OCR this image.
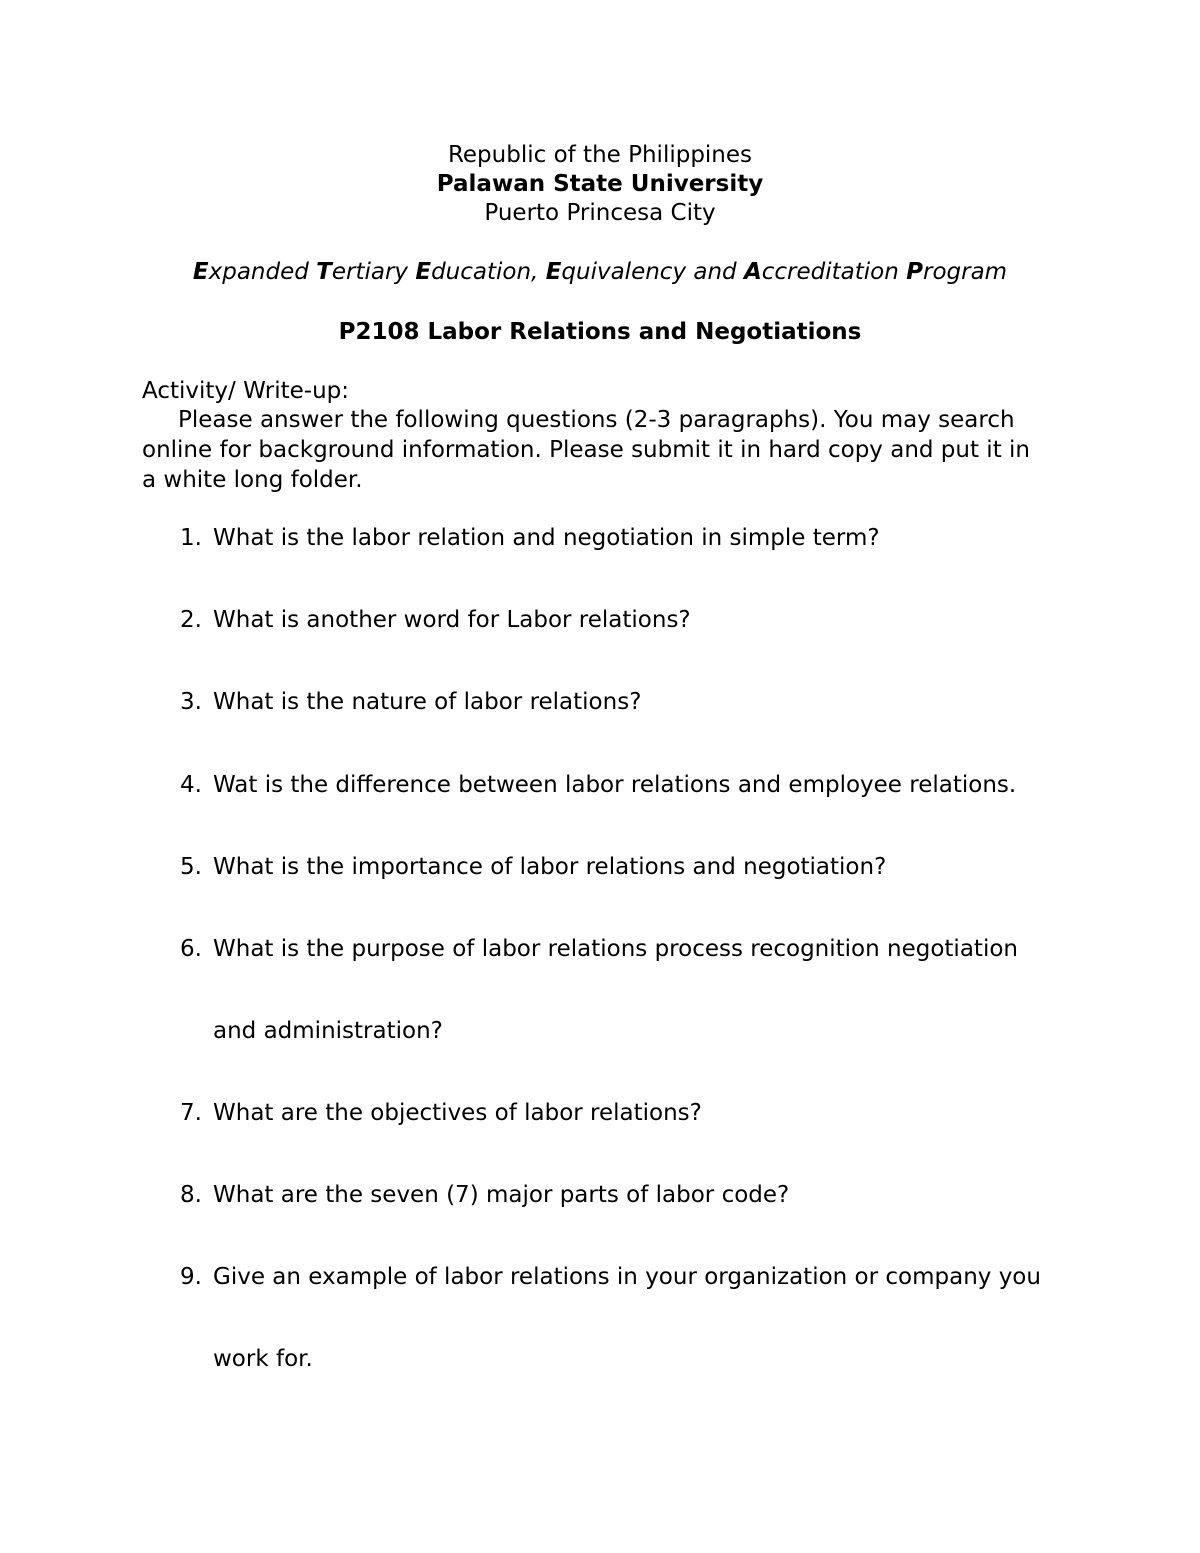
Republic of the Philippines
Palawan State University
Puerto Princesa City
Expanded Tertiary Education, Equivalency and Accreditation Program
P2108 Labor Relations and Negotiations
Activity/ Write-up:
Please answer the following questions (2-3 paragraphs). You may search
online for background information. Please submit it in hard copy and put it in
a white long folder.
1. What is the labor relation and negotiation in simple term?
2. What is another word for Labor relations?
3. What is the nature of labor relations?
4. Wat is the difference between labor relations and employee relations.
5. What is the importance of labor relations and negotiation?
6. What is the purpose of labor relations process recognition negotiation
and administration?
7. What are the objectives of labor relations?
8. What are the seven (7) major parts of labor code?
9. Give an example of labor relations in your organization or company you
work for.
